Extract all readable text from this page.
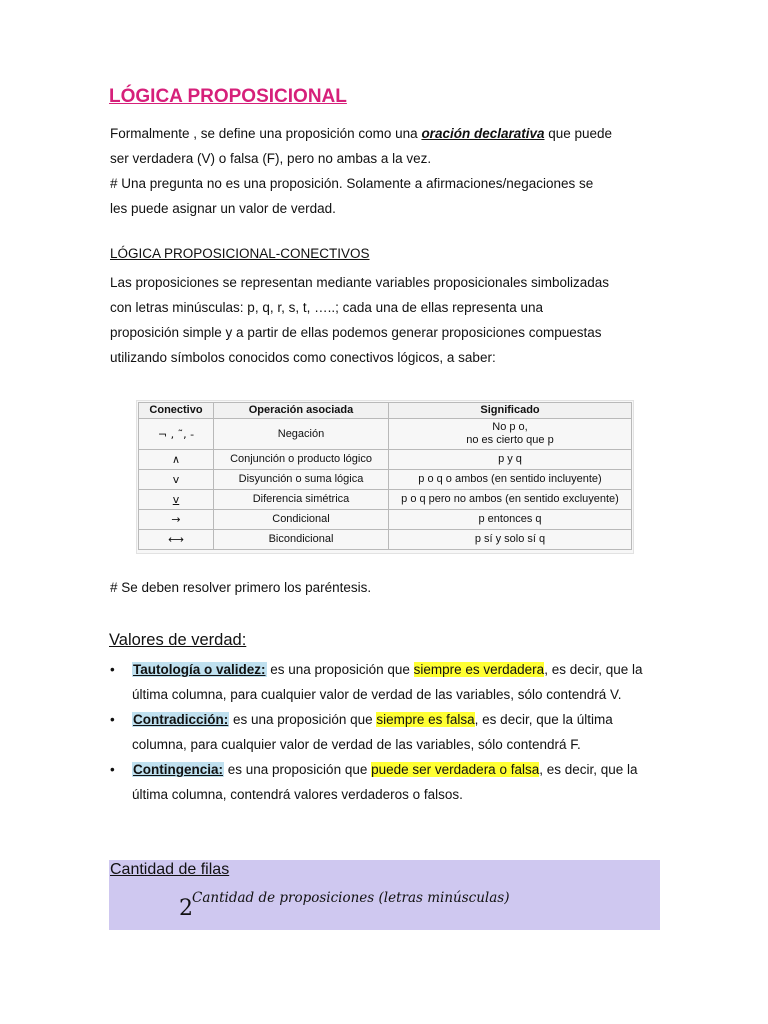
LÓGICA PROPOSICIONAL

Formalmente , se define una proposición como una oración declarativa que puede

ser verdadera (V) o falsa (F), pero no ambas a la vez.

# Una pregunta no es una proposición. Solamente a afirmaciones/negaciones se

les puede asignar un valor de verdad.

LÓGICA PROPOSICIONAL-CONECTIVOS

Las proposiciones se representan mediante variables proposicionales simbolizadas

con letras minúsculas: p, q, r, s, t, …..; cada una de ellas representa una

proposición simple y a partir de ellas podemos generar proposiciones compuestas

utilizando símbolos conocidos como conectivos lógicos, a saber:

Conectivo	Operación asociada	Significado
¬ , ˜, -	Negación	No p o,
no es cierto que p
∧	Conjunción o producto lógico	p y q
v	Disyunción o suma lógica	p o q o ambos (en sentido incluyente)
v	Diferencia simétrica	p o q pero no ambos (en sentido excluyente)
→	Condicional	p entonces q
⟷	Bicondicional	p sí y solo sí q

# Se deben resolver primero los paréntesis.

Valores de verdad:
• Tautología o validez: es una proposición que siempre es verdadera, es decir, que la última columna, para cualquier valor de verdad de las variables, sólo contendrá V.
• Contradicción: es una proposición que siempre es falsa, es decir, que la última columna, para cualquier valor de verdad de las variables, sólo contendrá F.
• Contingencia: es una proposición que puede ser verdadera o falsa, es decir, que la última columna, contendrá valores verdaderos o falsos.

Cantidad de filas

2 Cantidad de proposiciones (letras minúsculas)
